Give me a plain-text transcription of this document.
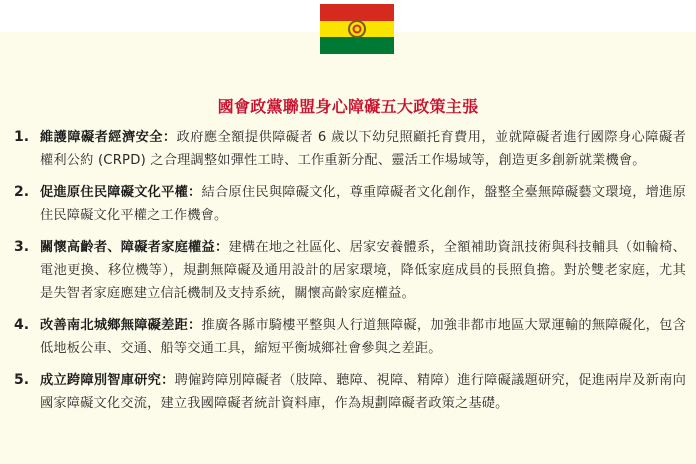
國會政黨聯盟身心障礙五大政策主張
1. 維護障礙者經濟安全：政府應全額提供障礙者 6 歲以下幼兒照顧托育費用，並就障礙者進行國際身心障礙者權利公約 (CRPD) 之合理調整如彈性工時、工作重新分配、靈活工作場域等，創造更多創新就業機會。
2. 促進原住民障礙文化平權：結合原住民與障礙文化，尊重障礙者文化創作，盤整全臺無障礙藝文環境，增進原住民障礙文化平權之工作機會。
3. 關懷高齡者、障礙者家庭權益：建構在地之社區化、居家安養體系，全額補助資訊技術與科技輔具（如輪椅、電池更換、移位機等），規劃無障礙及通用設計的居家環境，降低家庭成員的長照負擔。對於雙老家庭，尤其是失智者家庭應建立信託機制及支持系統，關懷高齡家庭權益。
4. 改善南北城鄉無障礙差距：推廣各縣市騎樓平整與人行道無障礙，加強非都市地區大眾運輸的無障礙化，包含低地板公車、交通、船等交通工具，縮短平衡城鄉社會參與之差距。
5. 成立跨障別智庫研究：聘僱跨障別障礙者（肢障、聽障、視障、精障）進行障礙議題研究，促進兩岸及新南向國家障礙文化交流，建立我國障礙者統計資料庫，作為規劃障礙者政策之基礎。
